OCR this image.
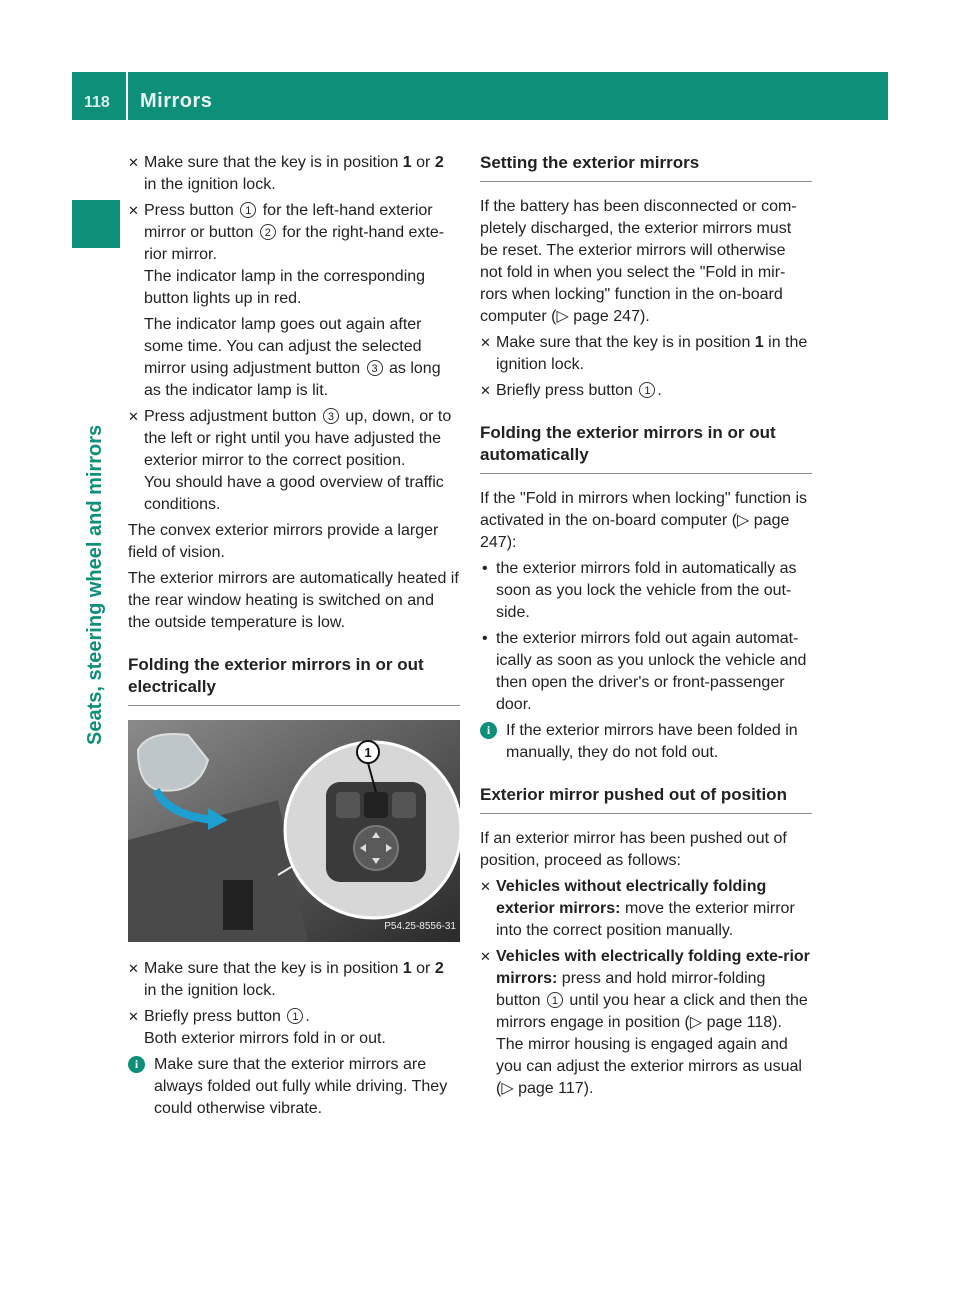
118 Mirrors
Seats, steering wheel and mirrors
✕ Make sure that the key is in position 1 or 2 in the ignition lock.
✕ Press button 1 for the left-hand exterior mirror or button 2 for the right-hand exte-rior mirror.
The indicator lamp in the corresponding button lights up in red.
The indicator lamp goes out again after some time. You can adjust the selected mirror using adjustment button 3 as long as the indicator lamp is lit.
✕ Press adjustment button 3 up, down, or to the left or right until you have adjusted the exterior mirror to the correct position.
You should have a good overview of traffic conditions.
The convex exterior mirrors provide a larger field of vision.
The exterior mirrors are automatically heated if the rear window heating is switched on and the outside temperature is low.
Folding the exterior mirrors in or out electrically
1
P54.25-8556-31
✕ Make sure that the key is in position 1 or 2 in the ignition lock.
✕ Briefly press button 1 .
Both exterior mirrors fold in or out.
i Make sure that the exterior mirrors are always folded out fully while driving. They could otherwise vibrate.
Setting the exterior mirrors
If the battery has been disconnected or com-pletely discharged, the exterior mirrors must be reset. The exterior mirrors will otherwise not fold in when you select the "Fold in mir-rors when locking" function in the on-board computer (▷ page 247).
✕ Make sure that the key is in position 1 in the ignition lock.
✕ Briefly press button 1 .
Folding the exterior mirrors in or out automatically
If the "Fold in mirrors when locking" function is activated in the on-board computer (▷ page 247):
• the exterior mirrors fold in automatically as soon as you lock the vehicle from the out-side.
• the exterior mirrors fold out again automat-ically as soon as you unlock the vehicle and then open the driver's or front-passenger door.
i If the exterior mirrors have been folded in manually, they do not fold out.
Exterior mirror pushed out of position
If an exterior mirror has been pushed out of position, proceed as follows:
✕ Vehicles without electrically folding exterior mirrors: move the exterior mirror into the correct position manually.
✕ Vehicles with electrically folding exte-rior mirrors: press and hold mirror-folding button 1 until you hear a click and then the mirrors engage in position (▷ page 118).
The mirror housing is engaged again and you can adjust the exterior mirrors as usual (▷ page 117).
